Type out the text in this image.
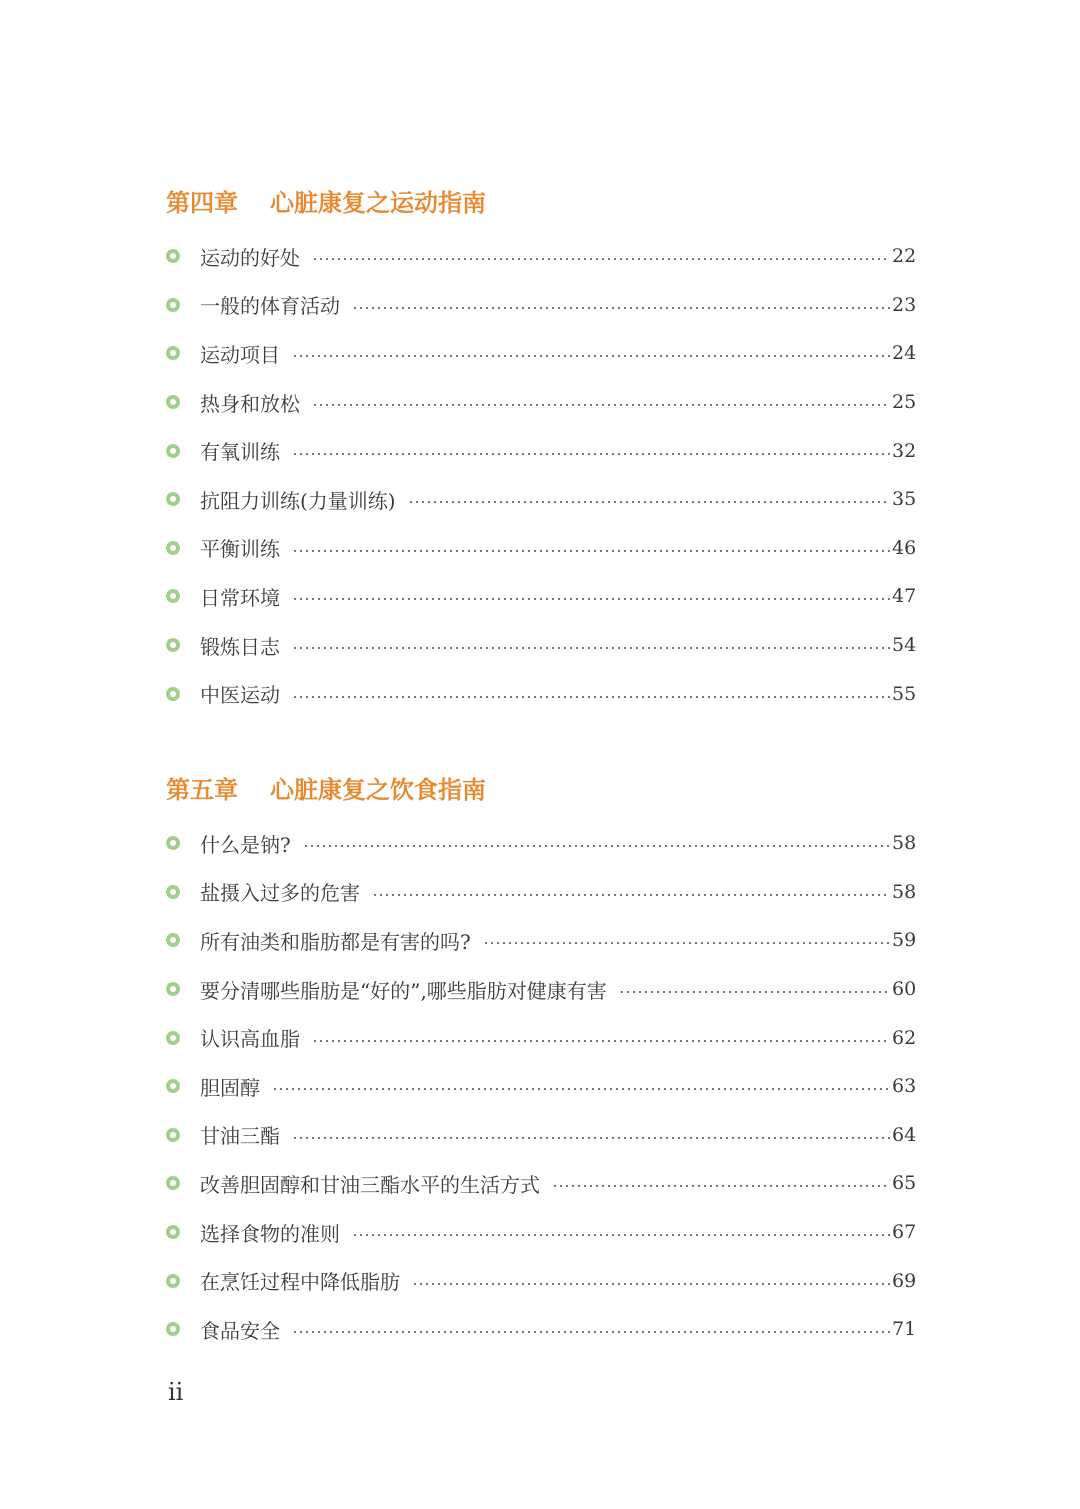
第四章 心脏康复之运动指南
运动的好处	22
一般的体育活动	23
运动项目	24
热身和放松	25
有氧训练	32
抗阻力训练(力量训练)	35
平衡训练	46
日常环境	47
锻炼日志	54
中医运动	55
第五章 心脏康复之饮食指南
什么是钠?	58
盐摄入过多的危害	58
所有油类和脂肪都是有害的吗?	59
要分清哪些脂肪是“好的”,哪些脂肪对健康有害	60
认识高血脂	62
胆固醇	63
甘油三酯	64
改善胆固醇和甘油三酯水平的生活方式	65
选择食物的准则	67
在烹饪过程中降低脂肪	69
食品安全	71
ii
